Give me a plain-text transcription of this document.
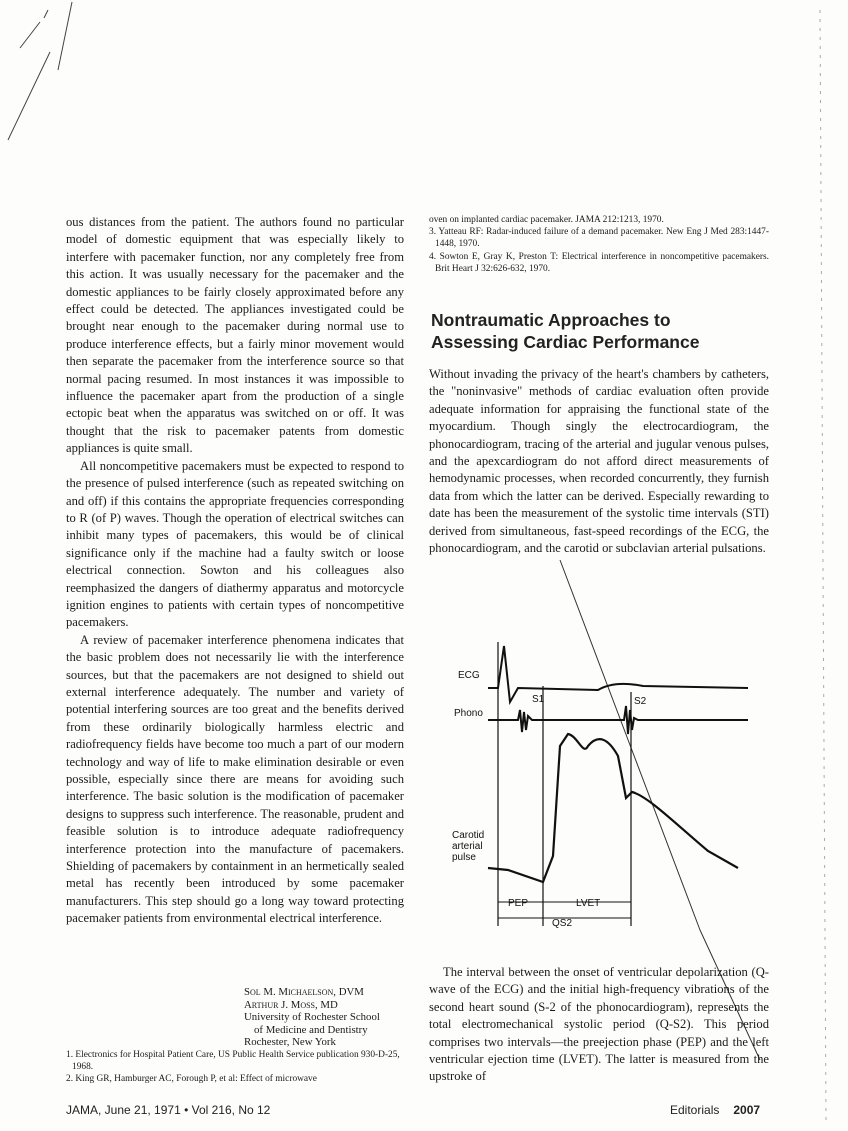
ous distances from the patient. The authors found no particular model of domestic equipment that was especially likely to interfere with pacemaker function, nor any completely free from this action. It was usually necessary for the pacemaker and the domestic appliances to be fairly closely approximated before any effect could be detected. The appliances investigated could be brought near enough to the pacemaker during normal use to produce interference effects, but a fairly minor movement would then separate the pacemaker from the interference source so that normal pacing resumed. In most instances it was impossible to influence the pacemaker apart from the production of a single ectopic beat when the apparatus was switched on or off. It was thought that the risk to pacemaker patents from domestic appliances is quite small.

All noncompetitive pacemakers must be expected to respond to the presence of pulsed interference (such as repeated switching on and off) if this contains the appropriate frequencies corresponding to R (of P) waves. Though the operation of electrical switches can inhibit many types of pacemakers, this would be of clinical significance only if the machine had a faulty switch or loose electrical connection. Sowton and his colleagues also reemphasized the dangers of diathermy apparatus and motorcycle ignition engines to patients with certain types of noncompetitive pacemakers.

A review of pacemaker interference phenomena indicates that the basic problem does not necessarily lie with the interference sources, but that the pacemakers are not designed to shield out external interference adequately. The number and variety of potential interfering sources are too great and the benefits derived from these ordinarily biologically harmless electric and radiofrequency fields have become too much a part of our modern technology and way of life to make elimination desirable or even possible, especially since there are means for avoiding such interference. The basic solution is the modification of pacemaker designs to suppress such interference. The reasonable, prudent and feasible solution is to introduce adequate radiofrequency interference protection into the manufacture of pacemakers. Shielding of pacemakers by containment in an hermetically sealed metal has recently been introduced by some pacemaker manufacturers. This step should go a long way toward protecting pacemaker patients from environmental electrical interference.

Sol M. Michaelson, DVM
Arthur J. Moss, MD
University of Rochester School
of Medicine and Dentistry
Rochester, New York

1. Electronics for Hospital Patient Care, US Public Health Service publication 930-D-25, 1968.

2. King GR, Hamburger AC, Forough P, et al: Effect of microwave

oven on implanted cardiac pacemaker. JAMA 212:1213, 1970.

3. Yatteau RF: Radar-induced failure of a demand pacemaker. New Eng J Med 283:1447-1448, 1970.

4. Sowton E, Gray K, Preston T: Electrical interference in noncompetitive pacemakers. Brit Heart J 32:626-632, 1970.

Nontraumatic Approaches to
Assessing Cardiac Performance

Without invading the privacy of the heart's chambers by catheters, the "noninvasive" methods of cardiac evaluation often provide adequate information for appraising the functional state of the myocardium. Though singly the electrocardiogram, the phonocardiogram, tracing of the arterial and jugular venous pulses, and the apexcardiogram do not afford direct measurements of hemodynamic processes, when recorded concurrently, they furnish data from which the latter can be derived. Especially rewarding to date has been the measurement of the systolic time intervals (STI) derived from simultaneous, fast-speed recordings of the ECG, the phonocardiogram, and the carotid or subclavian arterial pulsations.

ECG
Phono
Carotid
arterial
pulse
S1	S2
PEP	LVET
QS2

The interval between the onset of ventricular depolarization (Q-wave of the ECG) and the initial high-frequency vibrations of the second heart sound (S-2 of the phonocardiogram), represents the total electromechanical systolic period (Q-S2). This period comprises two intervals—the preejection phase (PEP) and the left ventricular ejection time (LVET). The latter is measured from the upstroke of

JAMA, June 21, 1971 • Vol 216, No 12	Editorials 2007
